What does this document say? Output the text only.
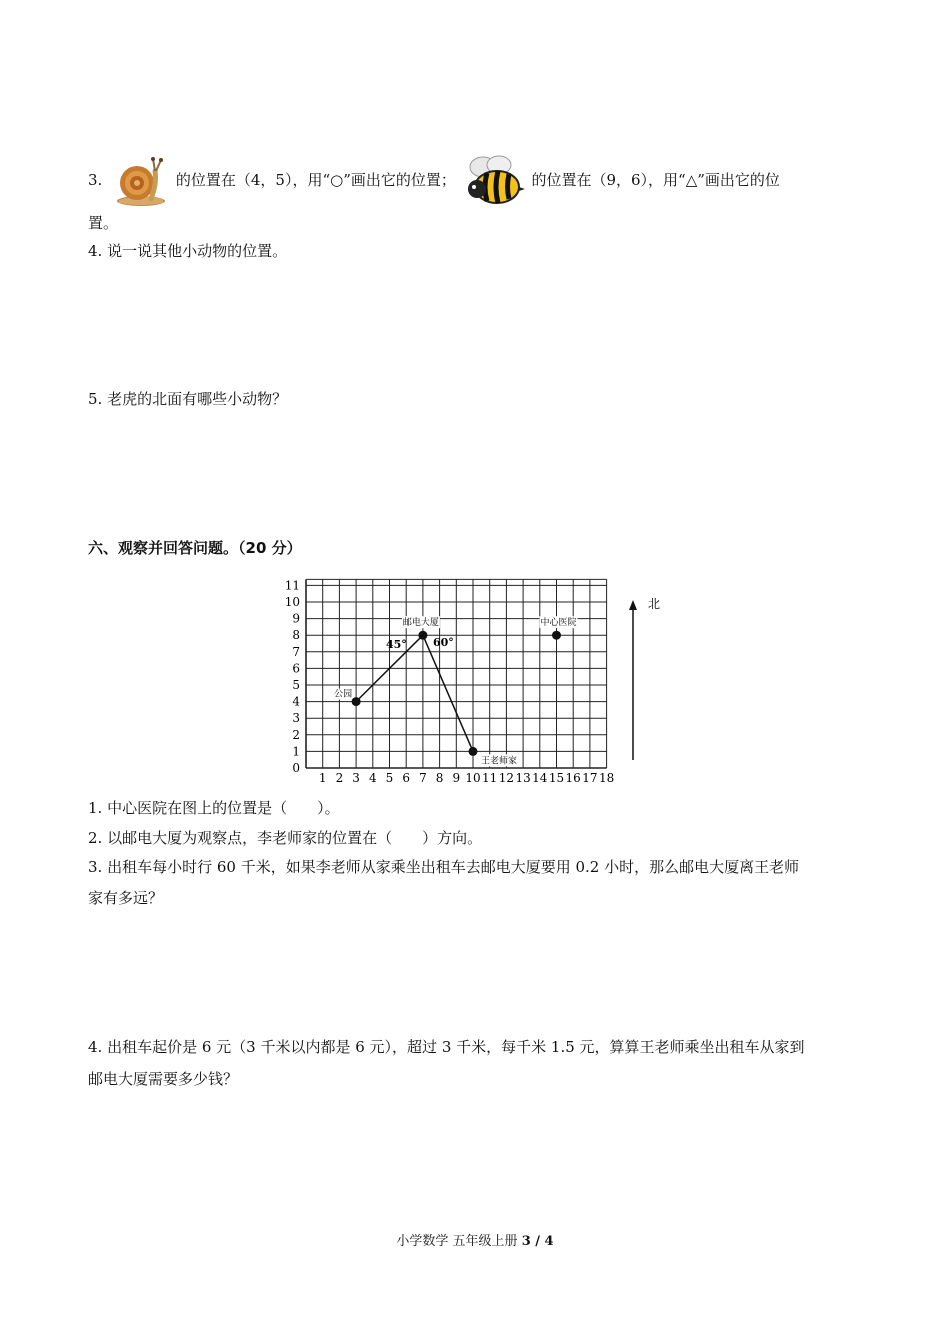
3.	的位置在（4，5），用“○”画出它的位置；	的位置在（9，6），用“△”画出它的位
置。
4. 说一说其他小动物的位置。
5. 老虎的北面有哪些小动物？
六、观察并回答问题。（20 分）
0
1
2
3
4
5
6
7
8
9
10
11
1 2 3 4 5 6 7 8 9 10 11 12 13 14 15 16 17 18
公园
邮电大厦	中心医院
王老师家
45° 60°
北
1. 中心医院在图上的位置是（　　）。
2. 以邮电大厦为观察点，李老师家的位置在（　　）方向。
3. 出租车每小时行 60 千米，如果李老师从家乘坐出租车去邮电大厦要用 0.2 小时，那么邮电大厦离王老师
家有多远？
4. 出租车起价是 6 元（3 千米以内都是 6 元），超过 3 千米，每千米 1.5 元，算算王老师乘坐出租车从家到
邮电大厦需要多少钱？
小学数学 五年级上册 3 / 4
